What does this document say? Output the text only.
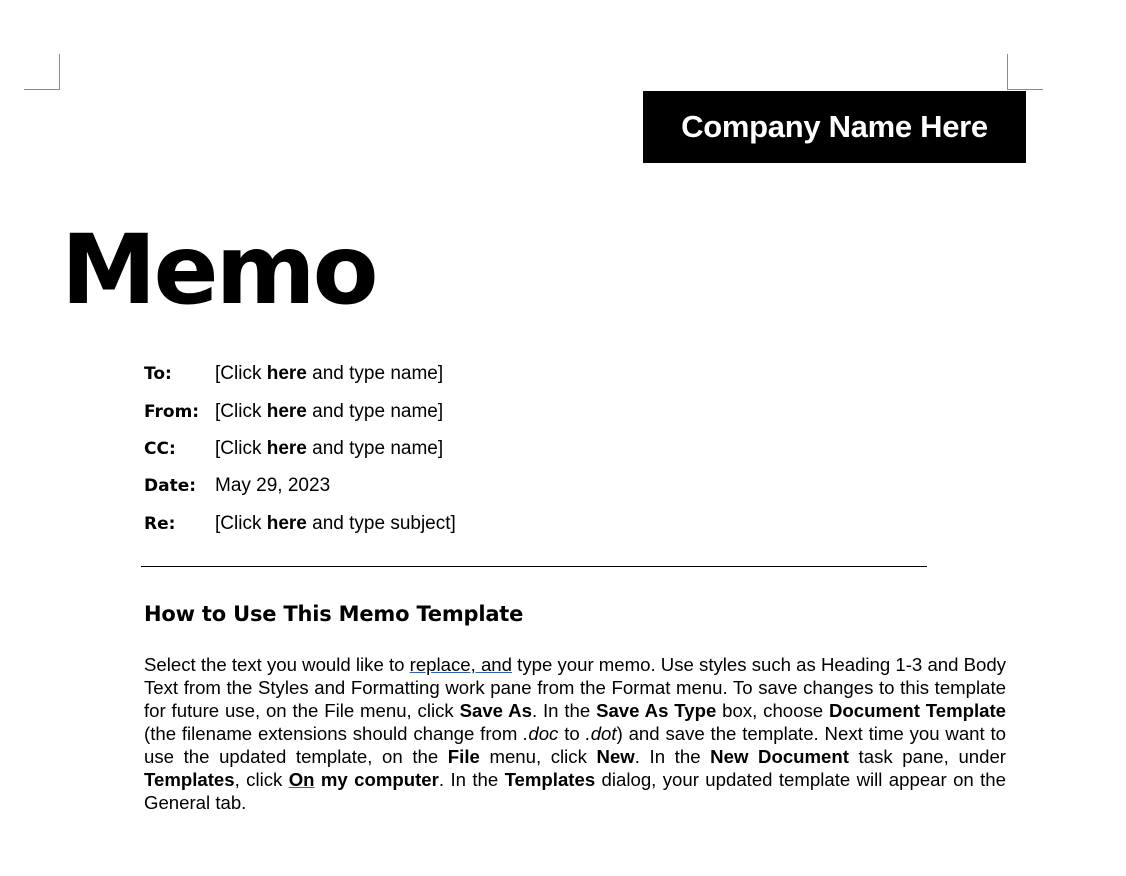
Company Name Here
Memo
To:	[Click here and type name]
From: [Click here and type name]
CC:	[Click here and type name]
Date: May 29, 2023
Re:	[Click here and type subject]
How to Use This Memo Template

Select the text you would like to replace, and type your memo. Use styles such as Heading 1-3 and Body Text from the Styles and Formatting work pane from the Format menu. To save changes to this template for future use, on the File menu, click Save As. In the Save As Type box, choose Document Template (the filename extensions should change from .doc to .dot) and save the template. Next time you want to use the updated template, on the File menu, click New. In the New Document task pane, under Templates, click On my computer. In the Templates dialog, your updated template will appear on the General tab.
